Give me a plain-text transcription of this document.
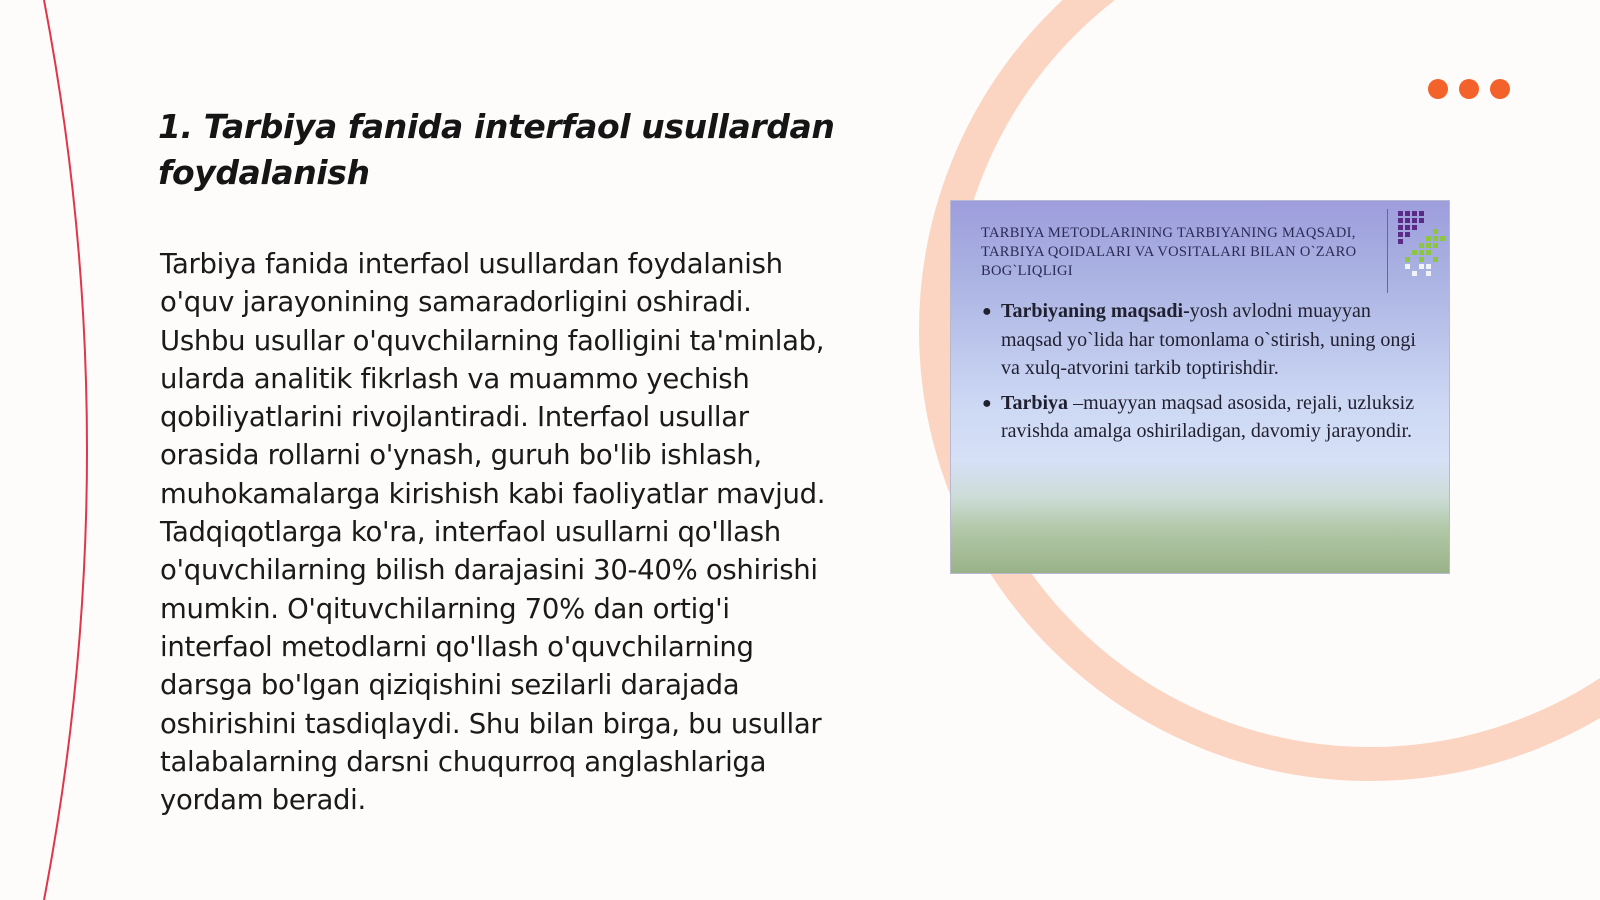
1. Tarbiya fanida interfaol usullardan foydalanish

Tarbiya fanida interfaol usullardan foydalanish o'quv jarayonining samaradorligini oshiradi. Ushbu usullar o'quvchilarning faolligini ta'minlab, ularda analitik fikrlash va muammo yechish qobiliyatlarini rivojlantiradi. Interfaol usullar orasida rollarni o'ynash, guruh bo'lib ishlash, muhokamalarga kirishish kabi faoliyatlar mavjud. Tadqiqotlarga ko'ra, interfaol usullarni qo'llash o'quvchilarning bilish darajasini 30-40% oshirishi mumkin. O'qituvchilarning 70% dan ortig'i interfaol metodlarni qo'llash o'quvchilarning darsga bo'lgan qiziqishini sezilarli darajada oshirishini tasdiqlaydi. Shu bilan birga, bu usullar talabalarning darsni chuqurroq anglashlariga yordam beradi.

TARBIYA METODLARINING TARBIYANING MAQSADI, TARBIYA QOIDALARI VA VOSITALARI BILAN O`ZARO BOG`LIQLIGI
● Tarbiyaning maqsadi-yosh avlodni muayyan maqsad yo`lida har tomonlama o`stirish, uning ongi va xulq-atvorini tarkib toptirishdir.
● Tarbiya –muayyan maqsad asosida, rejali, uzluksiz ravishda amalga oshiriladigan, davomiy jarayondir.
